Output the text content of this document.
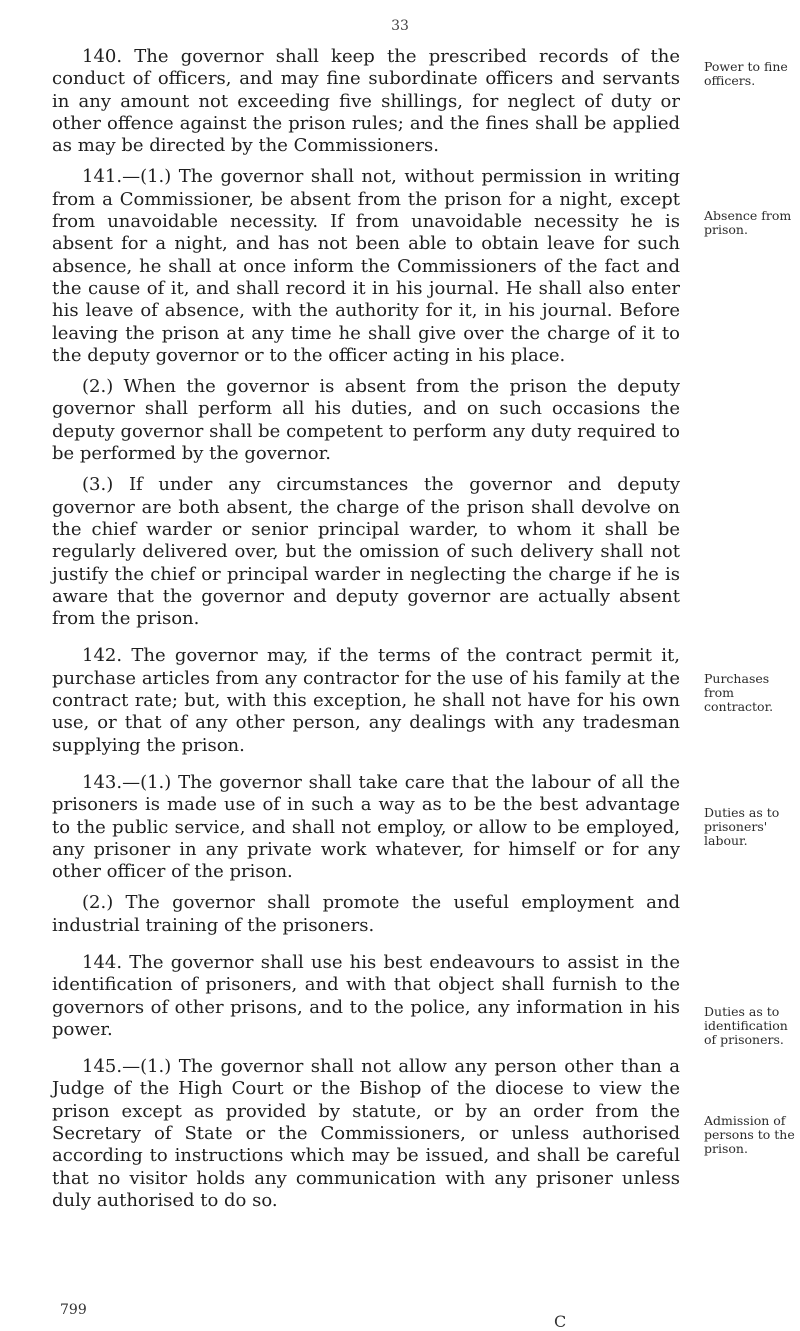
33

140. The governor shall keep the prescribed records of the conduct of officers, and may fine subordinate officers and servants in any amount not exceeding five shillings, for neglect of duty or other offence against the prison rules; and the fines shall be applied as may be directed by the Commissioners.

141.—(1.) The governor shall not, without permission in writing from a Commissioner, be absent from the prison for a night, except from unavoidable necessity. If from unavoidable necessity he is absent for a night, and has not been able to obtain leave for such absence, he shall at once inform the Commissioners of the fact and the cause of it, and shall record it in his journal. He shall also enter his leave of absence, with the authority for it, in his journal. Before leaving the prison at any time he shall give over the charge of it to the deputy governor or to the officer acting in his place.

(2.) When the governor is absent from the prison the deputy governor shall perform all his duties, and on such occasions the deputy governor shall be competent to perform any duty required to be performed by the governor.

(3.) If under any circumstances the governor and deputy governor are both absent, the charge of the prison shall devolve on the chief warder or senior principal warder, to whom it shall be regularly delivered over, but the omission of such delivery shall not justify the chief or principal warder in neglecting the charge if he is aware that the governor and deputy governor are actually absent from the prison.

142. The governor may, if the terms of the contract permit it, purchase articles from any contractor for the use of his family at the contract rate; but, with this exception, he shall not have for his own use, or that of any other person, any dealings with any tradesman supplying the prison.

143.—(1.) The governor shall take care that the labour of all the prisoners is made use of in such a way as to be the best advantage to the public service, and shall not employ, or allow to be employed, any prisoner in any private work whatever, for himself or for any other officer of the prison.

(2.) The governor shall promote the useful employment and industrial training of the prisoners.

144. The governor shall use his best endeavours to assist in the identification of prisoners, and with that object shall furnish to the governors of other prisons, and to the police, any information in his power.

145.—(1.) The governor shall not allow any person other than a Judge of the High Court or the Bishop of the diocese to view the prison except as provided by statute, or by an order from the Secretary of State or the Commissioners, or unless authorised according to instructions which may be issued, and shall be careful that no visitor holds any communication with any prisoner unless duly authorised to do so.

Power to fine officers.
Absence from prison.
Purchases from contractor.
Duties as to prisoners' labour.
Duties as to identification of prisoners.
Admission of persons to the prison.
799
C
